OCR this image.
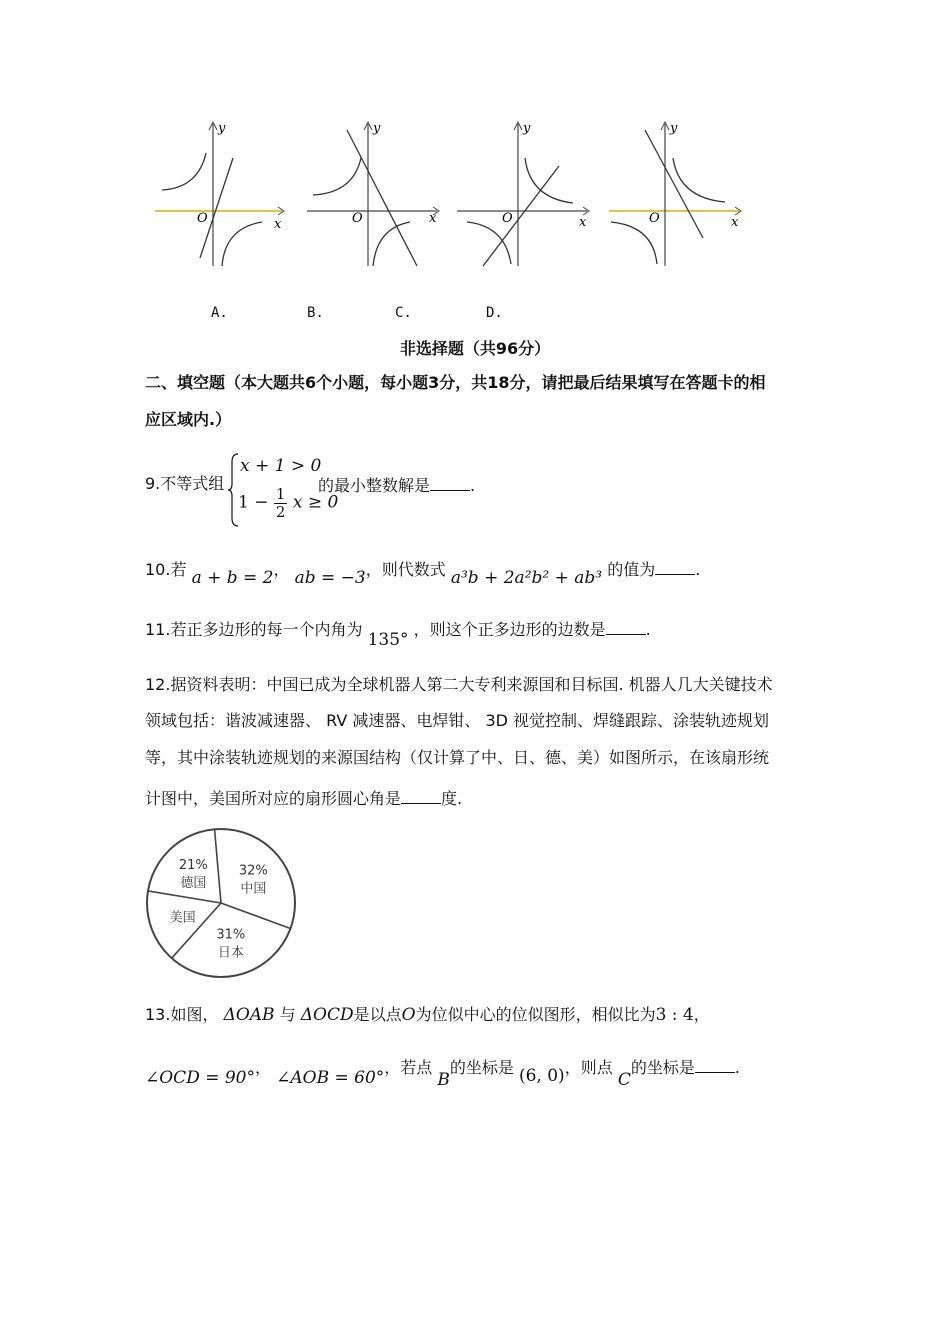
y
x
O
y
x
O
y
x
O
y
x
O
A.	B.	C.	D.
非选择题（共96分）
二、填空题（本大题共6个小题，每小题3分，共18分，请把最后结果填写在答题卡的相
应区域内.）
9.不等式组
x + 1 > 0
$1 - \frac{1}{2}$ x ≥ 0
的最小整数解是	.
10.若 a + b = 2， ab = −3，则代数式 a³b + 2a²b² + ab³ 的值为	.
11.若正多边形的每一个内角为 135° ，则这个正多边形的边数是	.
12.据资料表明：中国已成为全球机器人第二大专利来源国和目标国. 机器人几大关键技术
领域包括：谐波减速器、 RV 减速器、电焊钳、 3D 视觉控制、焊缝跟踪、涂装轨迹规划
等，其中涂装轨迹规划的来源国结构（仅计算了中、日、德、美）如图所示，在该扇形统
计图中，美国所对应的扇形圆心角是	度.
32%
中国
31%
日本
美国
21%
德国
13.如图， ΔOAB 与 ΔOCD是以点O为位似中心的位似图形，相似比为3 : 4，
∠OCD = 90°， ∠AOB = 60°，若点 B的坐标是 (6, 0)，则点 C的坐标是	.
